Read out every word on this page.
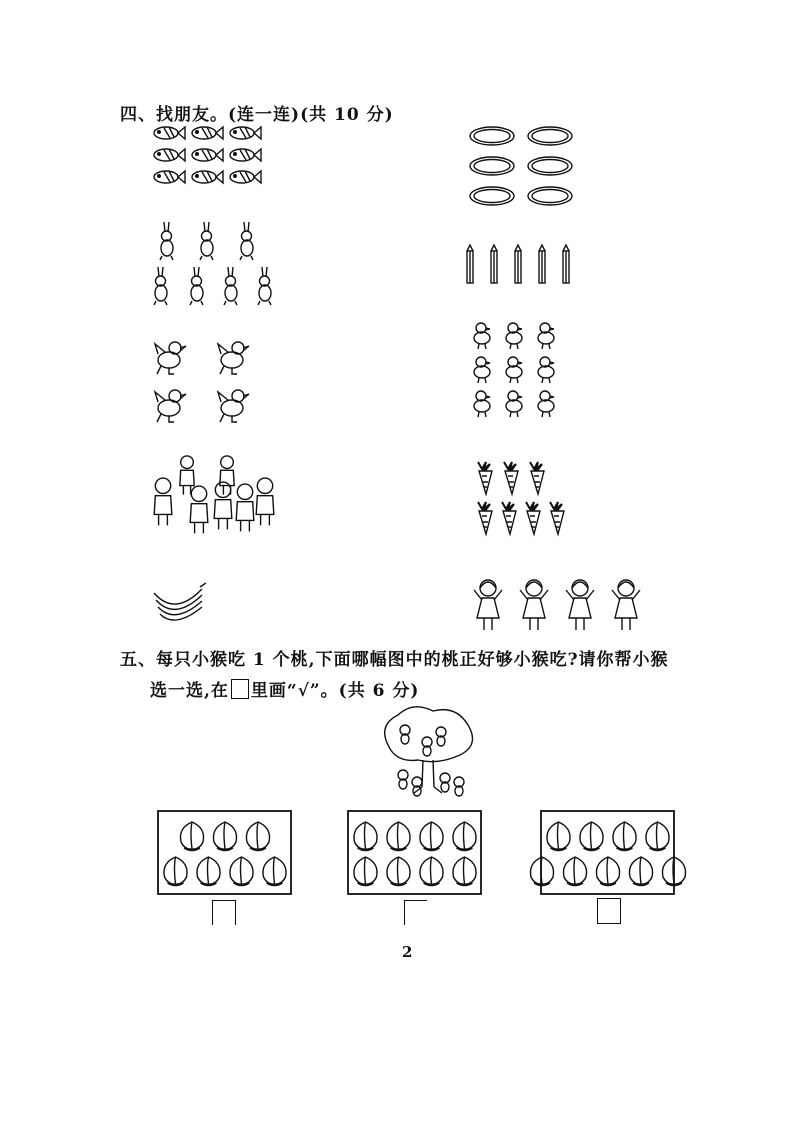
四、找朋友。(连一连)(共 10 分)
五、每只小猴吃 1 个桃,下面哪幅图中的桃正好够小猴吃?请你帮小猴
选一选,在 里画“√”。(共 6 分)
2
